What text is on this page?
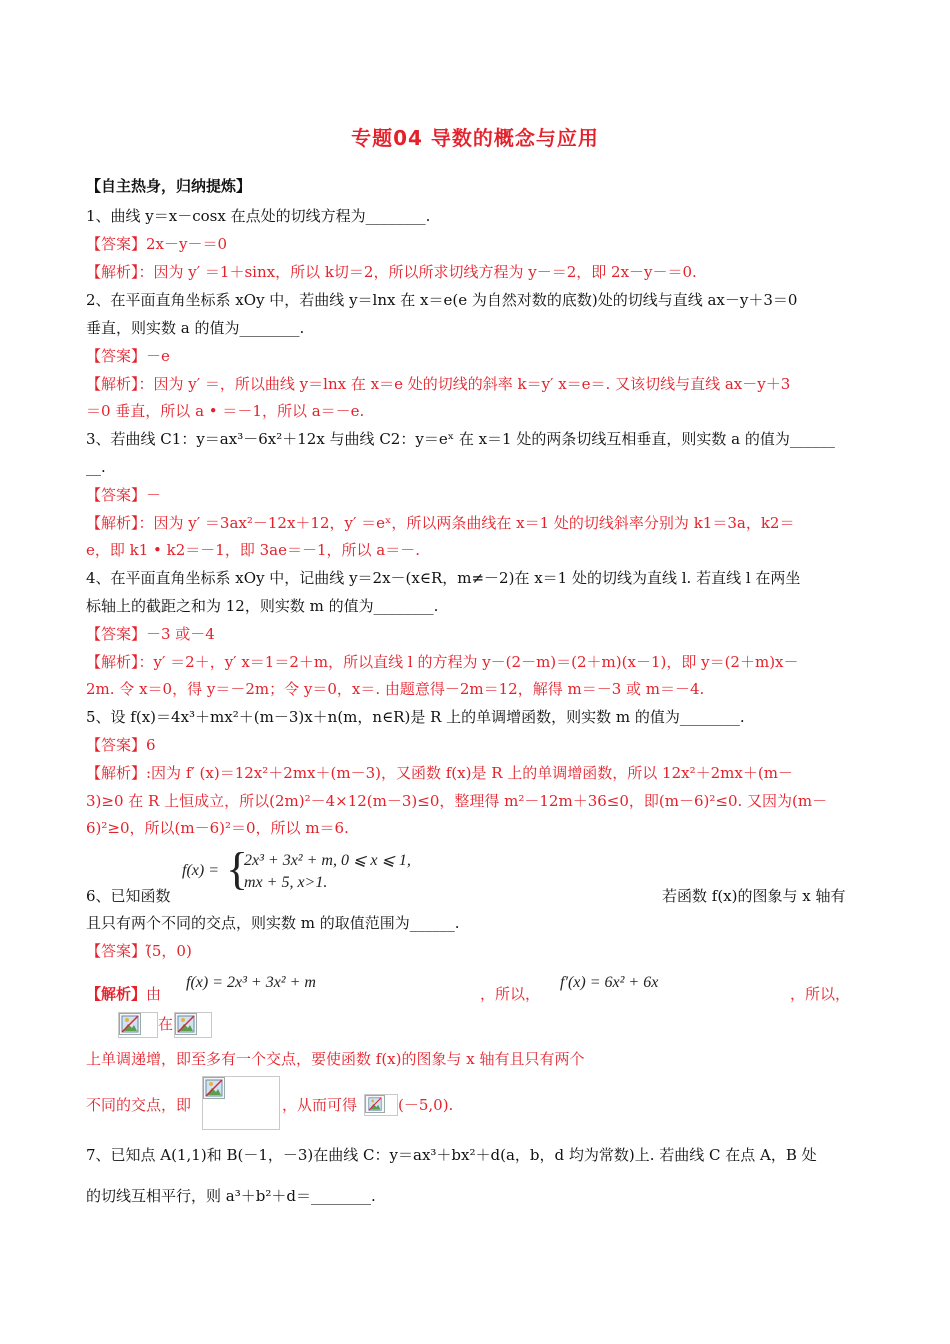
专题04 导数的概念与应用
【自主热身，归纳提炼】
1、曲线 y＝x－cosx 在点处的切线方程为________.
【答案】2x－y－＝0
【解析】：因为 y′ ＝1＋sinx，所以 k切＝2，所以所求切线方程为 y－＝2，即 2x－y－＝0.
2、在平面直角坐标系 xOy 中，若曲线 y＝lnx 在 x＝e(e 为自然对数的底数)处的切线与直线 ax－y＋3＝0
垂直，则实数 a 的值为________.
【答案】－e
【解析】：因为 y′ ＝，所以曲线 y＝lnx 在 x＝e 处的切线的斜率 k＝y′ x＝e＝. 又该切线与直线 ax－y＋3
＝0 垂直，所以 a • ＝－1，所以 a＝－e.
3、若曲线 C1：y＝ax³－6x²＋12x 与曲线 C2：y＝eˣ 在 x＝1 处的两条切线互相垂直，则实数 a 的值为______
__.
【答案】－
【解析】：因为 y′ ＝3ax²－12x＋12，y′ ＝eˣ，所以两条曲线在 x＝1 处的切线斜率分别为 k1＝3a，k2＝
e，即 k1 • k2＝－1，即 3ae＝－1，所以 a＝－.
4、在平面直角坐标系 xOy 中，记曲线 y＝2x－(x∈R，m≠－2)在 x＝1 处的切线为直线 l. 若直线 l 在两坐
标轴上的截距之和为 12，则实数 m 的值为________.
【答案】－3 或－4
【解析】：y′ ＝2＋，y′ x＝1＝2＋m，所以直线 l 的方程为 y－(2－m)＝(2＋m)(x－1)，即 y＝(2＋m)x－
2m. 令 x＝0，得 y＝－2m；令 y＝0，x＝. 由题意得－2m＝12，解得 m＝－3 或 m＝－4.
5、设 f(x)＝4x³＋mx²＋(m－3)x＋n(m，n∈R)是 R 上的单调增函数，则实数 m 的值为________.
【答案】6
【解析】:因为 f′ (x)＝12x²＋2mx＋(m－3)，又函数 f(x)是 R 上的单调增函数，所以 12x²＋2mx＋(m－
3)≥0 在 R 上恒成立，所以(2m)²－4×12(m－3)≤0，整理得 m²－12m＋36≤0，即(m－6)²≤0. 又因为(m－
6)²≥0，所以(m－6)²＝0，所以 m＝6.
f(x) = {
2x³ + 3x² + m, 0 ⩽ x ⩽ 1,
mx + 5, x>1.
6、已知函数	若函数 f(x)的图象与 x 轴有
且只有两个不同的交点，则实数 m 的取值范围为______.
【答案】(̃5，0)
【解析】由
f(x) = 2x³ + 3x² + m
，所以，
f′(x) = 6x² + 6x
，所以，
在
上单调递增，即至多有一个交点，要使函数 f(x)的图象与 x 轴有且只有两个
不同的交点，即	，从而可得	(－5,0).
7、已知点 A(1,1)和 B(－1，－3)在曲线 C：y＝ax³＋bx²＋d(a，b，d 均为常数)上. 若曲线 C 在点 A，B 处
的切线互相平行，则 a³＋b²＋d＝________.
